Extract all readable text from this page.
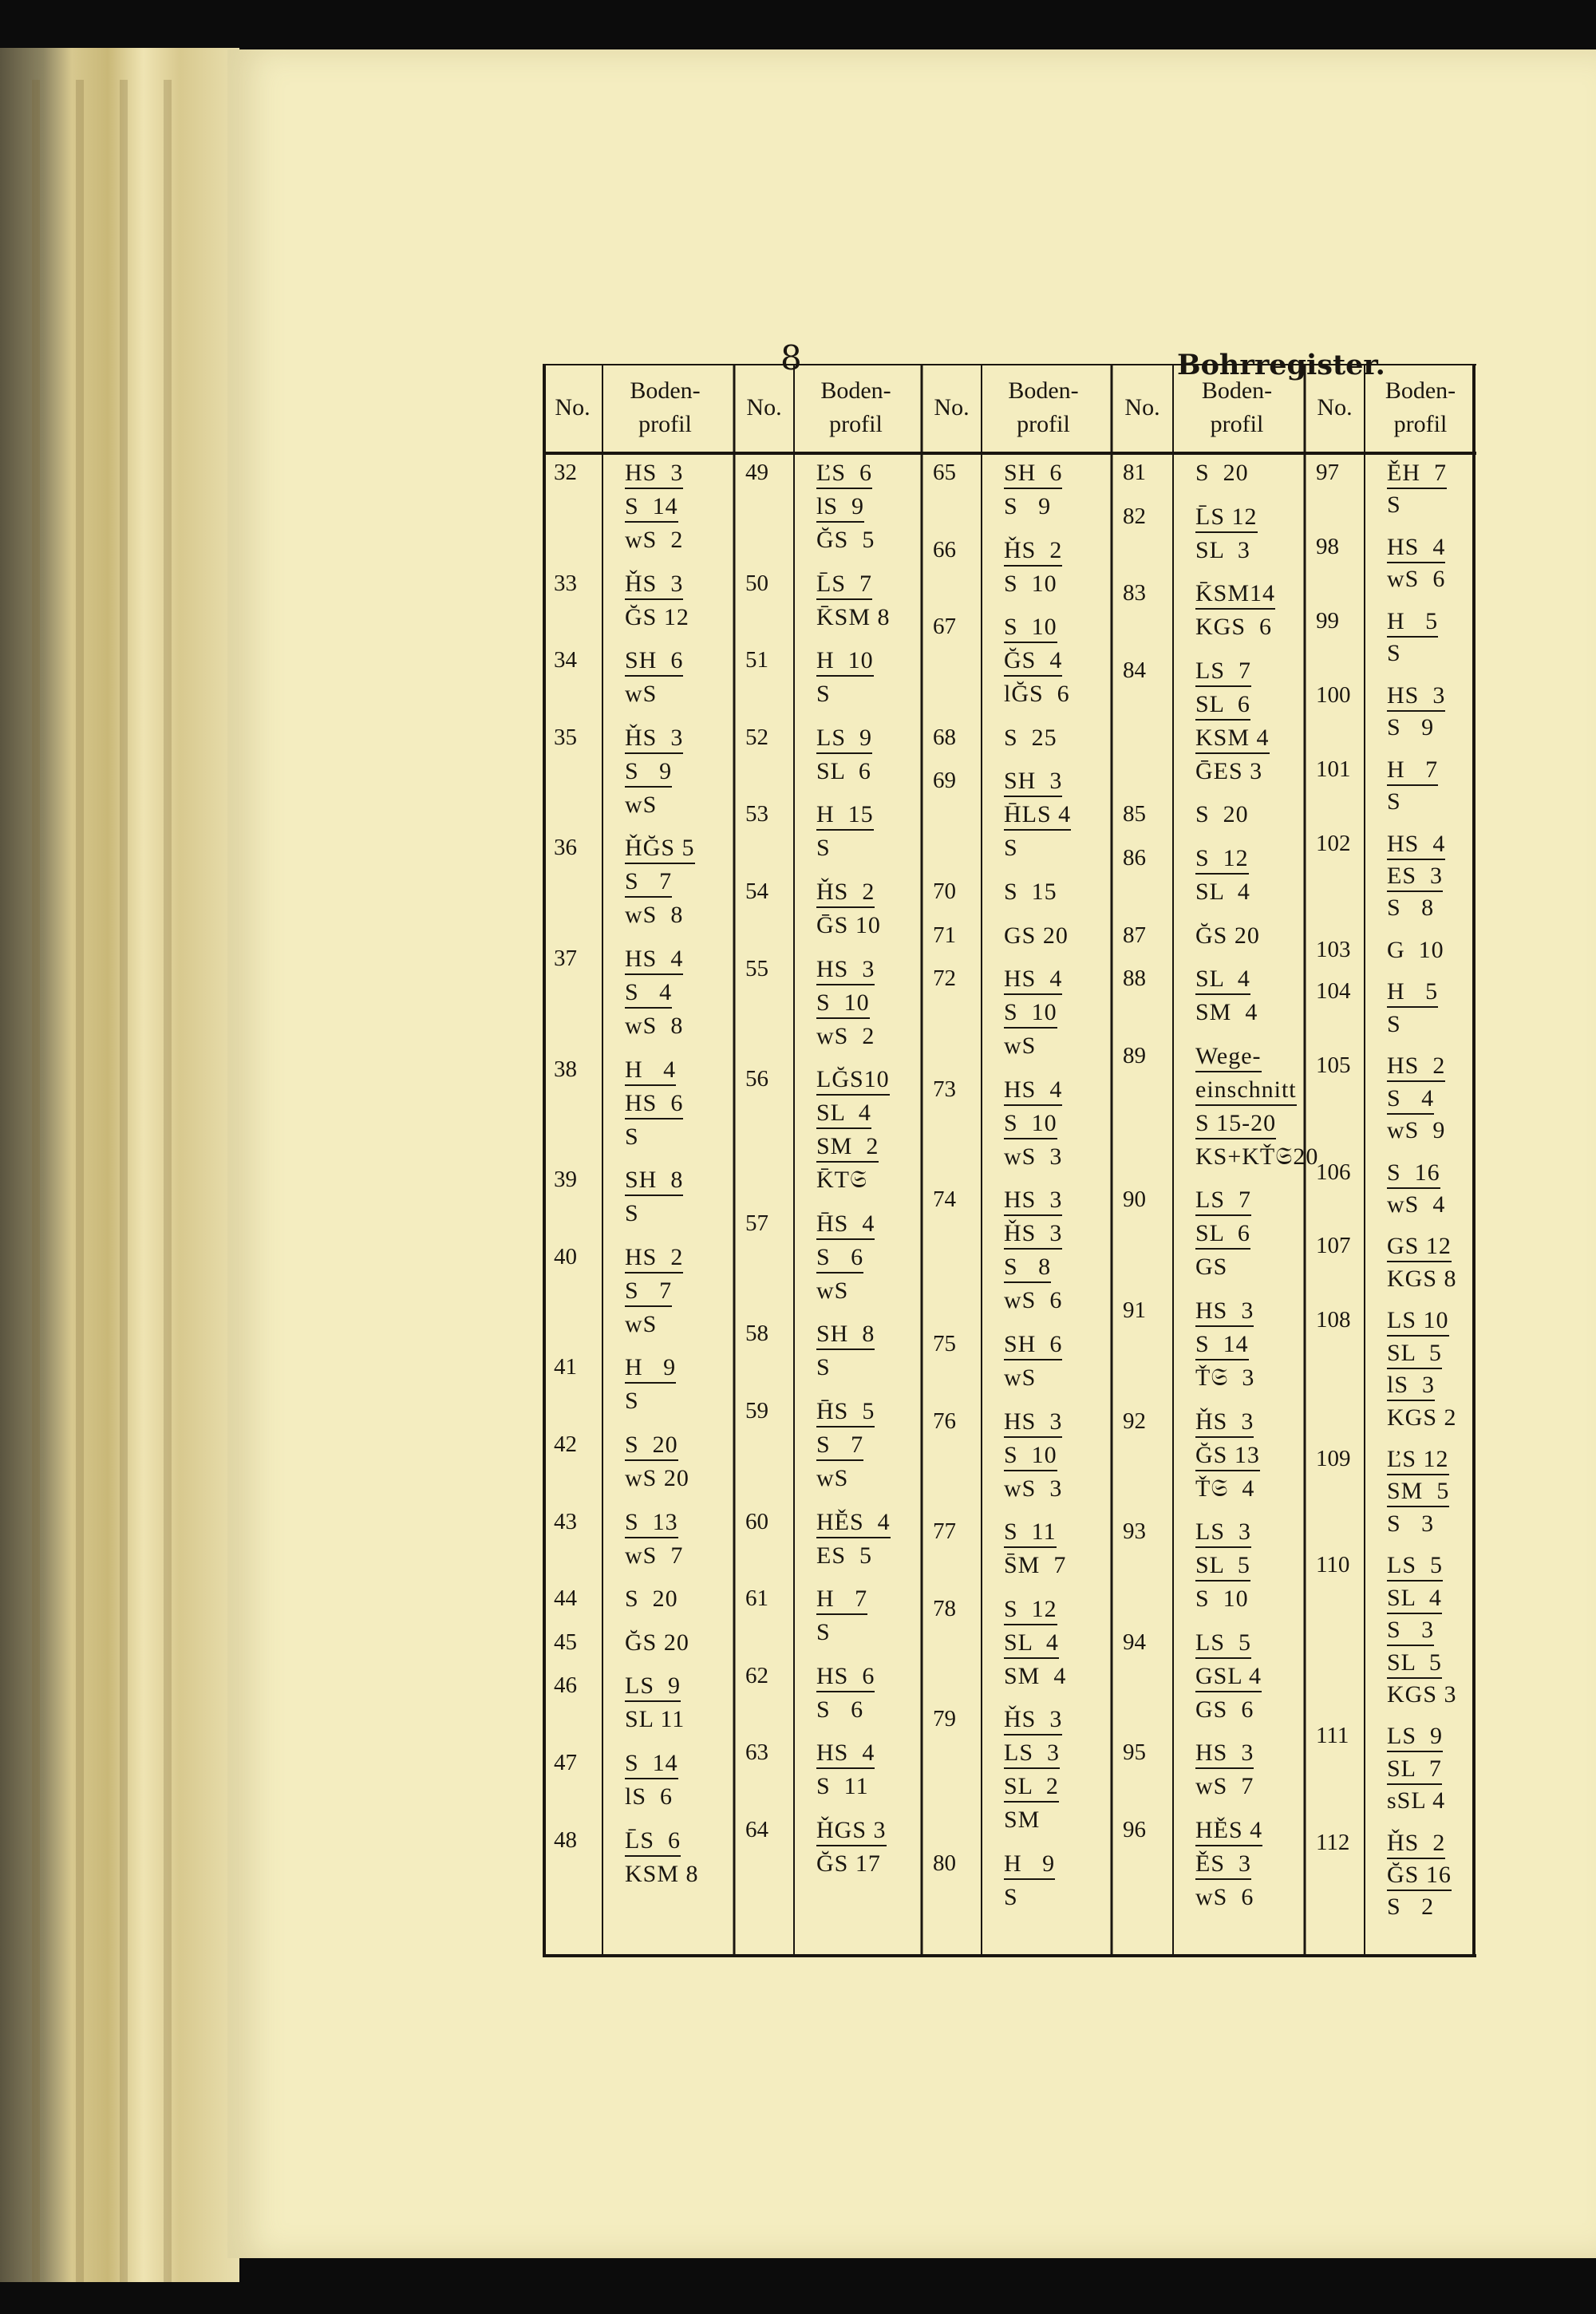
8	Bohrregister.
No.
Boden-
profil
No.
Boden-
profil
No.
Boden-
profil
No.
Boden-
profil
No.
Boden-
profil
32 HS  3
S  14
wS  2
33 ȞS  3
ĞS 12
34 SH  6
wS
35 ȞS  3
S   9
wS
36 ȞĞS 5
S   7
wS  8
37 HS  4
S   4
wS  8
38 H   4
HS  6
S
39 SH  8
S
40 HS  2
S   7
wS
41 H   9
S
42 S  20
wS 20
43 S  13
wS  7
44 S  20
45 ĞS 20
46 LS  9
SL 11
47 S  14
lS  6
48 L̄S  6
KSM 8
49 ĽS  6
lS  9
ĞS  5
50 L̄S  7
K̄SM 8
51 H  10
S
52 LS  9
SL  6
53 H  15
S
54 ȞS  2
ḠS 10
55 HS  3
S  10
wS  2
56 LĞS10
SL  4
SM  2
K̄T𝔖
57 H̄S  4
S   6
wS
58 SH  8
S
59 H̄S  5
S   7
wS
60 HĚS  4
ES  5
61 H   7
S
62 HS  6
S   6
63 HS  4
S  11
64 ȞGS 3
ĞS 17
65 SH  6
S   9
66 ȞS  2
S  10
67 S  10
ĞS  4
lĞS  6
68 S  25
69 SH  3
H̄LS 4
S
70 S  15
71 GS 20
72 HS  4
S  10
wS
73 HS  4
S  10
wS  3
74 HS  3
ȞS  3
S   8
wS  6
75 SH  6
wS
76 HS  3
S  10
wS  3
77 S  11
S̄M  7
78 S  12
SL  4
SM  4
79 ȞS  3
LS  3
SL  2
SM
80 H   9
S
81 S  20
82 L̄S 12
SL  3
83 K̄SM14
KGS  6
84 LS  7
SL  6
KSM 4
ḠES 3
85 S  20
86 S  12
SL  4
87 ĞS 20
88 SL  4
SM  4
89 Wege-
einschnitt
S 15-20
KS+KŤ𝔖20
90 LS  7
SL  6
GS
91 HS  3
S  14
Ť𝔖  3
92 ȞS  3
ĞS 13
Ť𝔖  4
93 LS  3
SL  5
S  10
94 LS  5
GSL 4
GS  6
95 HS  3
wS  7
96 HĚS 4
ĚS  3
wS  6
97 ĚH  7
S
98 HS  4
wS  6
99 H   5
S
100 HS  3
S   9
101 H   7
S
102 HS  4
ES  3
S   8
103 G  10
104 H   5
S
105 HS  2
S   4
wS  9
106 S  16
wS  4
107 GS 12
KGS 8
108 LS 10
SL  5
lS  3
KGS 2
109 ĽS 12
SM  5
S   3
110 LS  5
SL  4
S   3
SL  5
KGS 3
111 LS  9
SL  7
sSL 4
112 ȞS  2
ĞS 16
S   2
